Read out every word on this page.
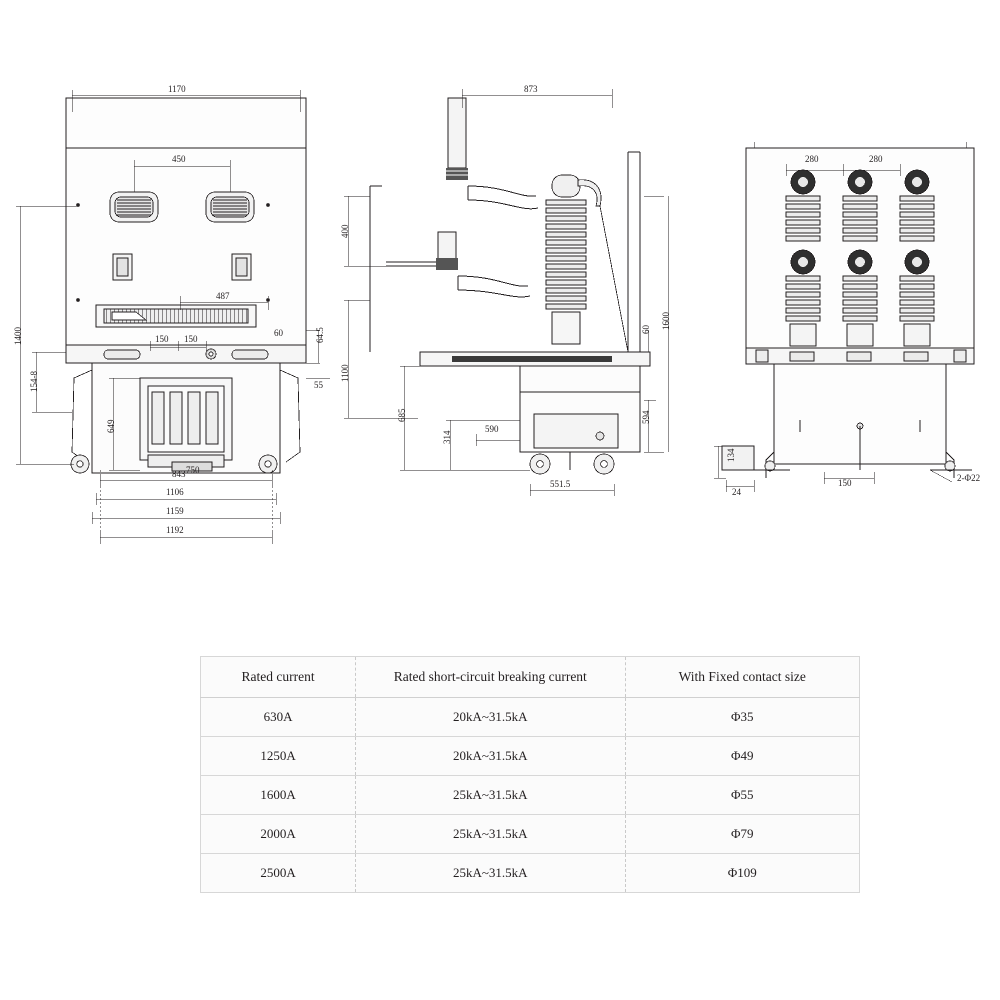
1170
450
487
1400
154-8
649
64.5
55
60
150 150
843 750
1106
1159
1192
873
400
1100
1600
685
314
590
594
60
551.5
280	280
134
24
150	2-Φ22
Rated current	Rated short-circuit breaking current	With Fixed contact size
630A	20kA~31.5kA	Φ35
1250A	20kA~31.5kA	Φ49
1600A	25kA~31.5kA	Φ55
2000A	25kA~31.5kA	Φ79
2500A	25kA~31.5kA	Φ109
